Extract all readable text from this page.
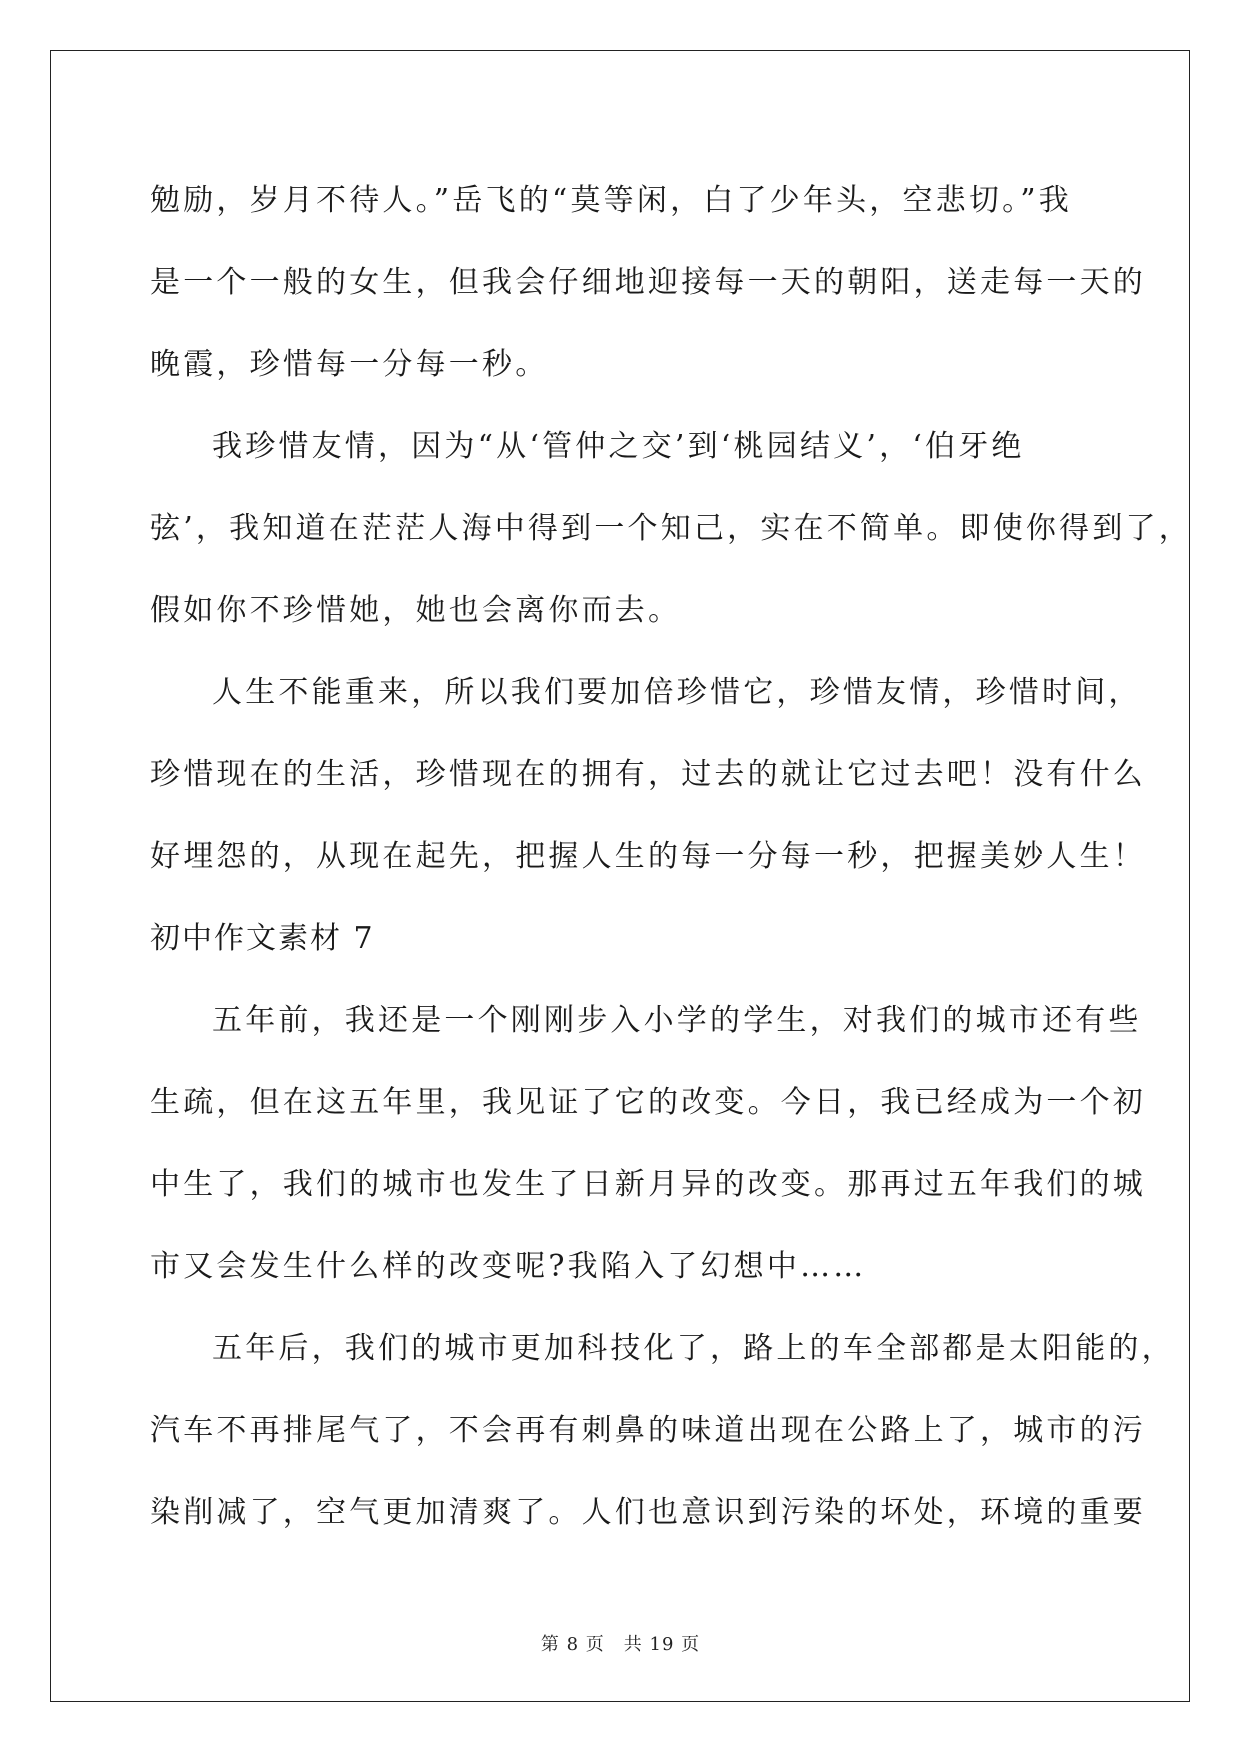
勉励，岁月不待人。”岳飞的“莫等闲，白了少年头，空悲切。”我
是一个一般的女生，但我会仔细地迎接每一天的朝阳，送走每一天的
晚霞，珍惜每一分每一秒。
我珍惜友情，因为“从‘管仲之交’到‘桃园结义’，‘伯牙绝
弦’，我知道在茫茫人海中得到一个知己，实在不简单。即使你得到了，
假如你不珍惜她，她也会离你而去。
人生不能重来，所以我们要加倍珍惜它，珍惜友情，珍惜时间，
珍惜现在的生活，珍惜现在的拥有，过去的就让它过去吧！没有什么
好埋怨的，从现在起先，把握人生的每一分每一秒，把握美妙人生！
初中作文素材 7
五年前，我还是一个刚刚步入小学的学生，对我们的城市还有些
生疏，但在这五年里，我见证了它的改变。今日，我已经成为一个初
中生了，我们的城市也发生了日新月异的改变。那再过五年我们的城
市又会发生什么样的改变呢?我陷入了幻想中……
五年后，我们的城市更加科技化了，路上的车全部都是太阳能的，
汽车不再排尾气了，不会再有刺鼻的味道出现在公路上了，城市的污
染削减了，空气更加清爽了。人们也意识到污染的坏处，环境的重要
第 8 页　共 19 页
